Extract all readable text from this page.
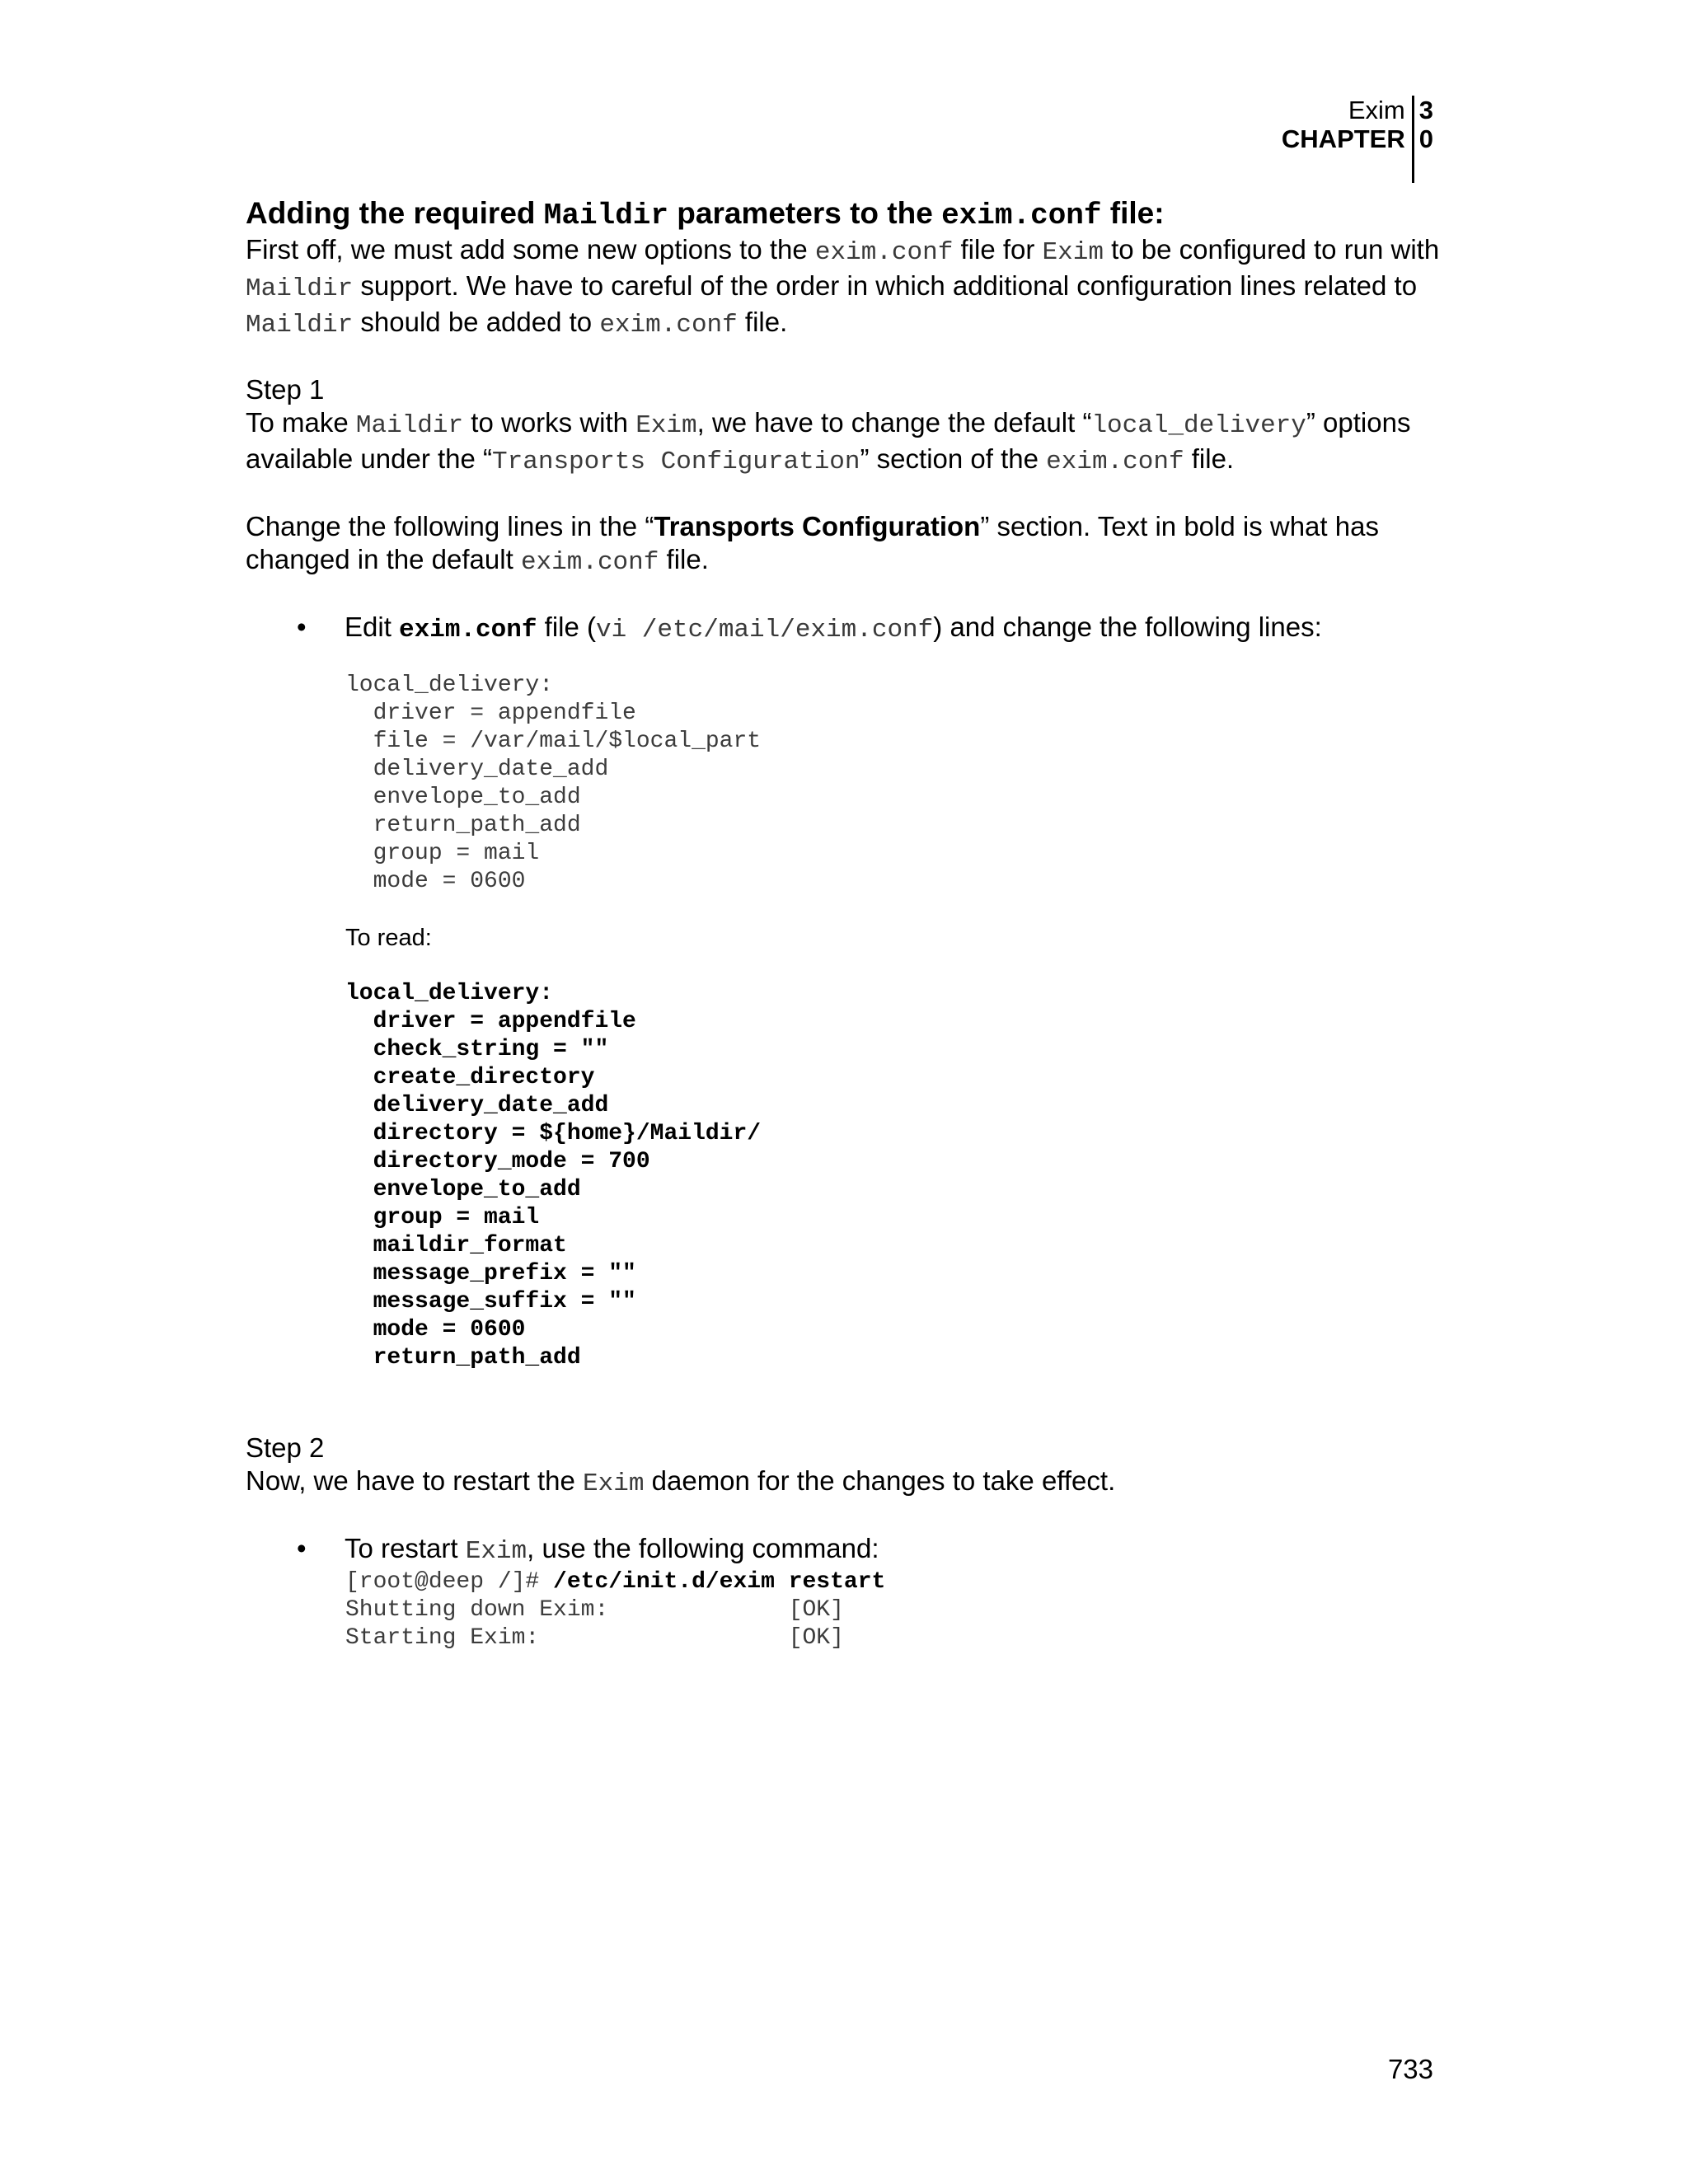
Exim
CHAPTER
3
0
Adding the required Maildir parameters to the exim.conf file:

First off, we must add some new options to the exim.conf file for Exim to be configured to run with Maildir support. We have to careful of the order in which additional configuration lines related to Maildir should be added to exim.conf file.

Step 1

To make Maildir to works with Exim, we have to change the default “local_delivery” options available under the “Transports Configuration” section of the exim.conf file.

Change the following lines in the “Transports Configuration” section. Text in bold is what has changed in the default exim.conf file.

• Edit exim.conf file (vi /etc/mail/exim.conf) and change the following lines:
local_delivery:
driver = appendfile
file = /var/mail/$local_part
delivery_date_add
envelope_to_add
return_path_add
group = mail
mode = 0600
To read:
local_delivery:
driver = appendfile
check_string = ""
create_directory
delivery_date_add
directory = ${home}/Maildir/
directory_mode = 700
envelope_to_add
group = mail
maildir_format
message_prefix = ""
message_suffix = ""
mode = 0600
return_path_add
Step 2

Now, we have to restart the Exim daemon for the changes to take effect.

• To restart Exim, use the following command:
[root@deep /]# /etc/init.d/exim restart
Shutting down Exim:             [OK]
Starting Exim:                  [OK]
733
